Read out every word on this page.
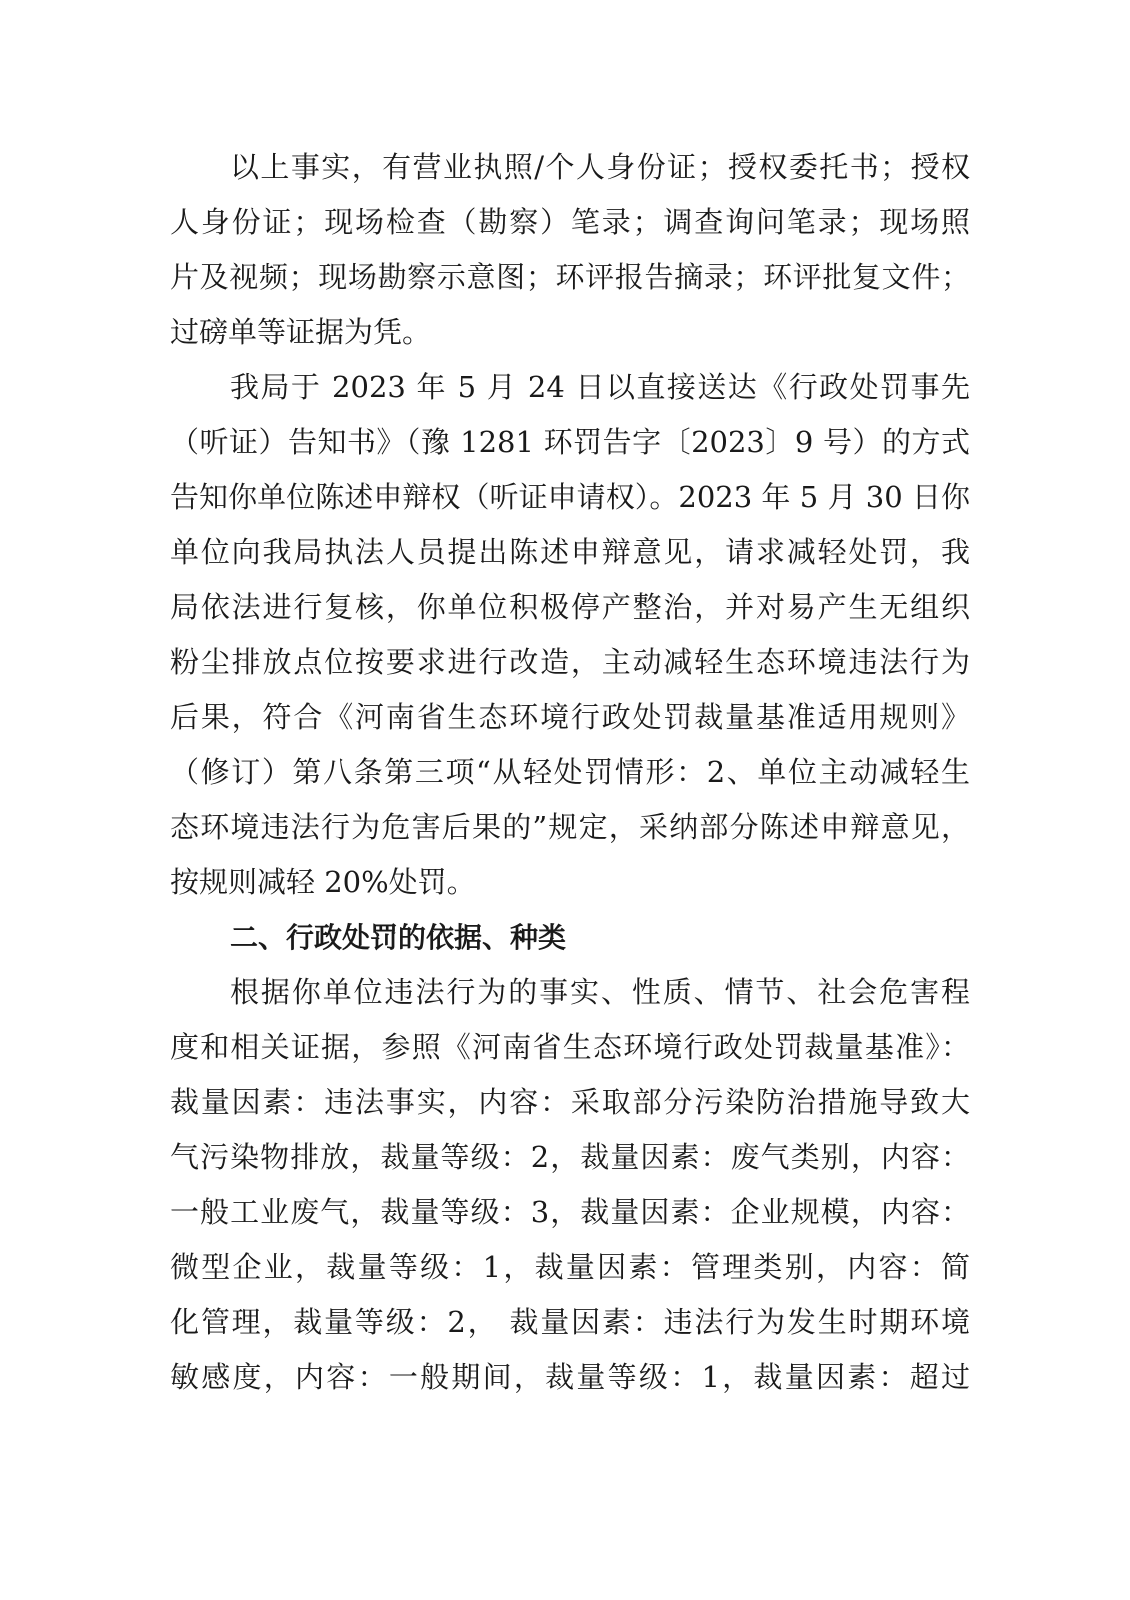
以上事实，有营业执照/个人身份证；授权委托书；授权
人身份证；现场检查（勘察）笔录；调查询问笔录；现场照
片及视频；现场勘察示意图；环评报告摘录；环评批复文件；
过磅单等证据为凭。
我局于 2023 年 5 月 24 日以直接送达《行政处罚事先
（听证）告知书》（豫 1281 环罚告字〔2023〕9 号）的方式
告知你单位陈述申辩权（听证申请权）。2023 年 5 月 30 日你
单位向我局执法人员提出陈述申辩意见，请求减轻处罚，我
局依法进行复核，你单位积极停产整治，并对易产生无组织
粉尘排放点位按要求进行改造，主动减轻生态环境违法行为
后果，符合《河南省生态环境行政处罚裁量基准适用规则》
（修订）第八条第三项“从轻处罚情形：2、单位主动减轻生
态环境违法行为危害后果的”规定，采纳部分陈述申辩意见，
按规则减轻 20%处罚。
二、行政处罚的依据、种类
根据你单位违法行为的事实、性质、情节、社会危害程
度和相关证据，参照《河南省生态环境行政处罚裁量基准》：
裁量因素：违法事实，内容：采取部分污染防治措施导致大
气污染物排放，裁量等级：2，裁量因素：废气类别，内容：
一般工业废气，裁量等级：3，裁量因素：企业规模，内容：
微型企业，裁量等级：1，裁量因素：管理类别，内容：简
化管理，裁量等级：2， 裁量因素：违法行为发生时期环境
敏感度，内容：一般期间，裁量等级：1，裁量因素：超过
